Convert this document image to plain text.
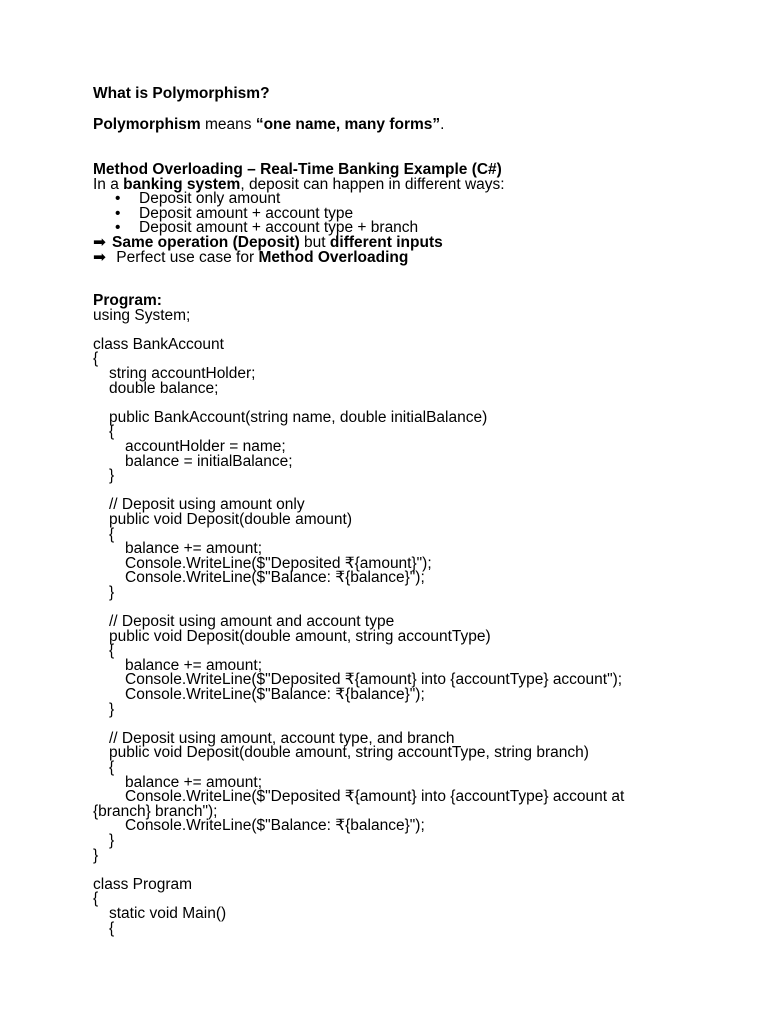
What is Polymorphism?
Polymorphism means “one name, many forms”.
Method Overloading – Real-Time Banking Example (C#)
In a banking system, deposit can happen in different ways:
• Deposit only amount
• Deposit amount + account type
• Deposit amount + account type + branch
➡ Same operation (Deposit) but different inputs
➡ Perfect use case for Method Overloading
Program:
using System;
class BankAccount
{
string accountHolder;
double balance;
public BankAccount(string name, double initialBalance)
{
accountHolder = name;
balance = initialBalance;
}
// Deposit using amount only
public void Deposit(double amount)
{
balance += amount;
Console.WriteLine($"Deposited ₹{amount}");
Console.WriteLine($"Balance: ₹{balance}");
}
// Deposit using amount and account type
public void Deposit(double amount, string accountType)
{
balance += amount;
Console.WriteLine($"Deposited ₹{amount} into {accountType} account");
Console.WriteLine($"Balance: ₹{balance}");
}
// Deposit using amount, account type, and branch
public void Deposit(double amount, string accountType, string branch)
{
balance += amount;
Console.WriteLine($"Deposited ₹{amount} into {accountType} account at
{branch} branch");
Console.WriteLine($"Balance: ₹{balance}");
}
}
class Program
{
static void Main()
{
